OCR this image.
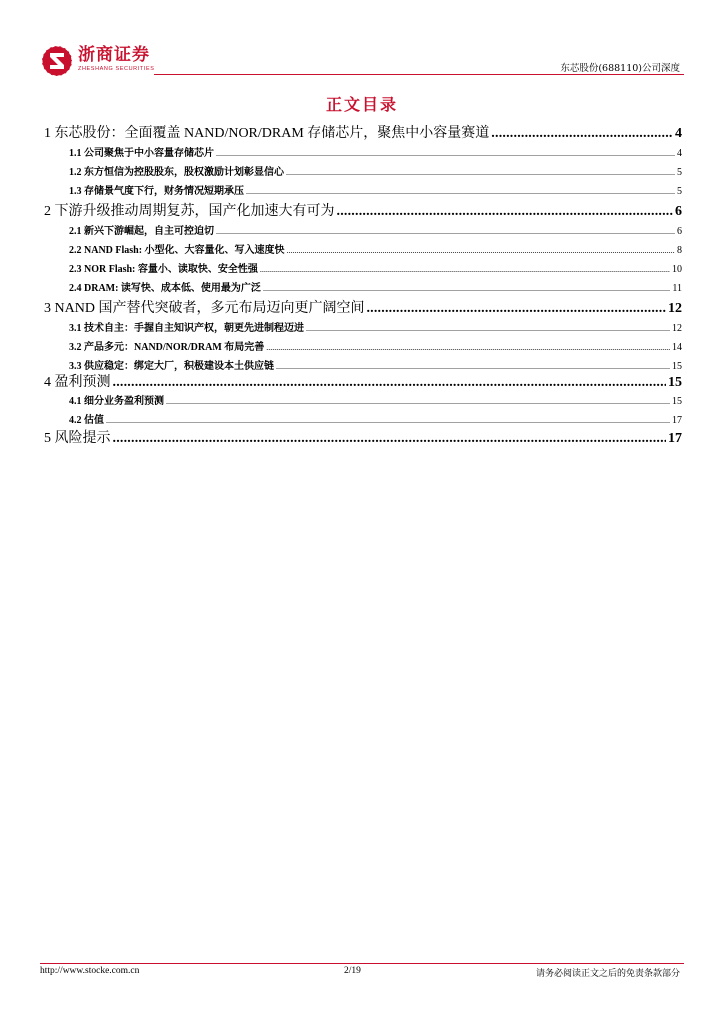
浙商证券
ZHESHANG SECURITIES	东芯股份(688110)公司深度
正文目录
1 东芯股份：全面覆盖 NAND/NOR/DRAM 存储芯片，聚焦中小容量赛道 .....	4
1.1 公司聚焦于中小容量存储芯片 .....	4
1.2 东方恒信为控股股东，股权激励计划彰显信心 .....	5
1.3 存储景气度下行，财务情况短期承压 .....	5
2 下游升级推动周期复苏，国产化加速大有可为 .....	6
2.1 新兴下游崛起，自主可控迫切 .....	6
2.2 NAND Flash: 小型化、大容量化、写入速度快 .....	8
2.3 NOR Flash: 容量小、读取快、安全性强 .....	10
2.4 DRAM: 读写快、成本低、使用最为广泛 .....	11
3 NAND 国产替代突破者，多元布局迈向更广阔空间 .....	12
3.1 技术自主：手握自主知识产权，朝更先进制程迈进 .....	12
3.2 产品多元：NAND/NOR/DRAM 布局完善 .....	14
3.3 供应稳定：绑定大厂，积极建设本土供应链 .....	15
4 盈利预测 .....	15
4.1 细分业务盈利预测 .....	15
4.2 估值 .....	17
5 风险提示 .....	17
http://www.stocke.com.cn	2/19	请务必阅读正文之后的免责条款部分
